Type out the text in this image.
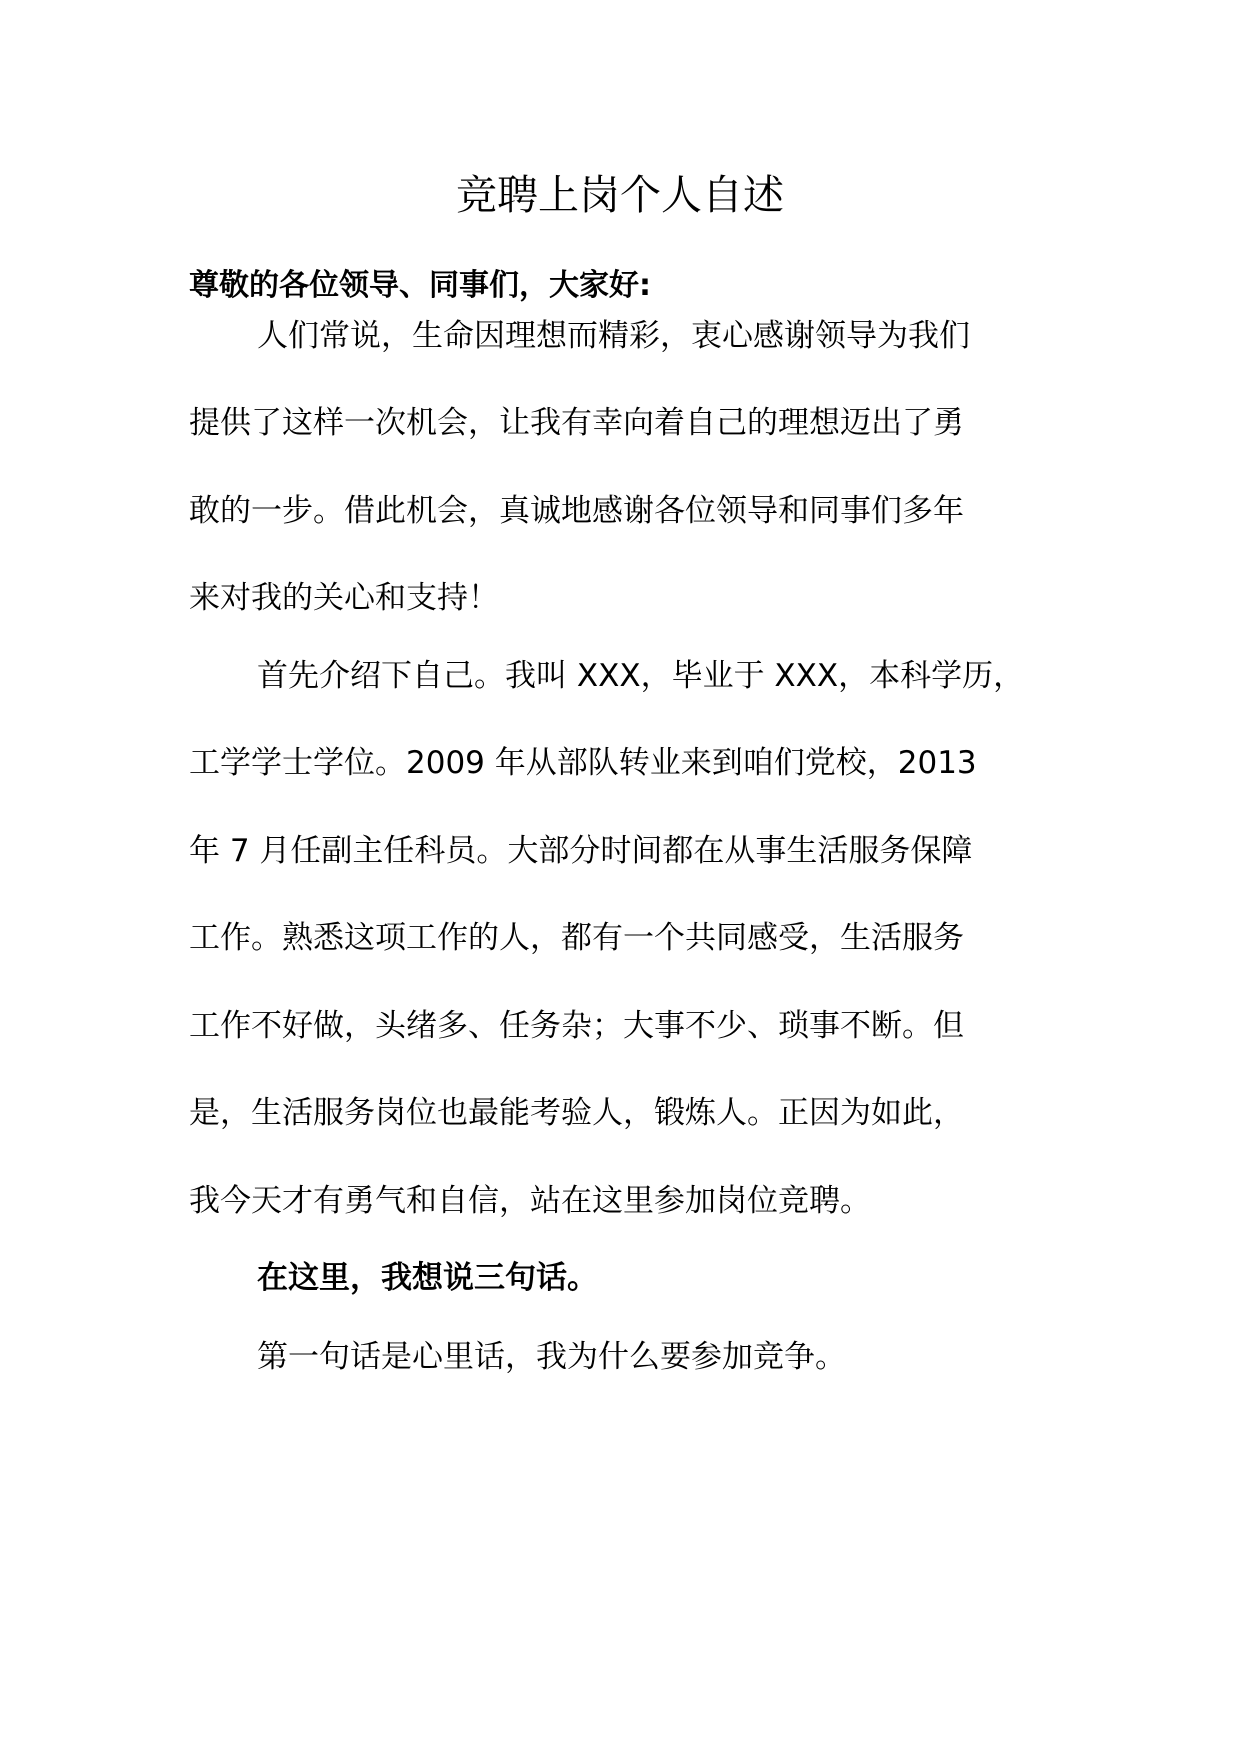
竞聘上岗个人自述

尊敬的各位领导、同事们，大家好:

人们常说，生命因理想而精彩，衷心感谢领导为我们

提供了这样一次机会，让我有幸向着自己的理想迈出了勇

敢的一步。借此机会，真诚地感谢各位领导和同事们多年

来对我的关心和支持！

首先介绍下自己。我叫 XXX，毕业于 XXX，本科学历，

工学学士学位。2009 年从部队转业来到咱们党校，2013

年 7 月任副主任科员。大部分时间都在从事生活服务保障

工作。熟悉这项工作的人，都有一个共同感受，生活服务

工作不好做，头绪多、任务杂；大事不少、琐事不断。但

是，生活服务岗位也最能考验人，锻炼人。正因为如此，

我今天才有勇气和自信，站在这里参加岗位竞聘。

在这里，我想说三句话。

第一句话是心里话，我为什么要参加竞争。
